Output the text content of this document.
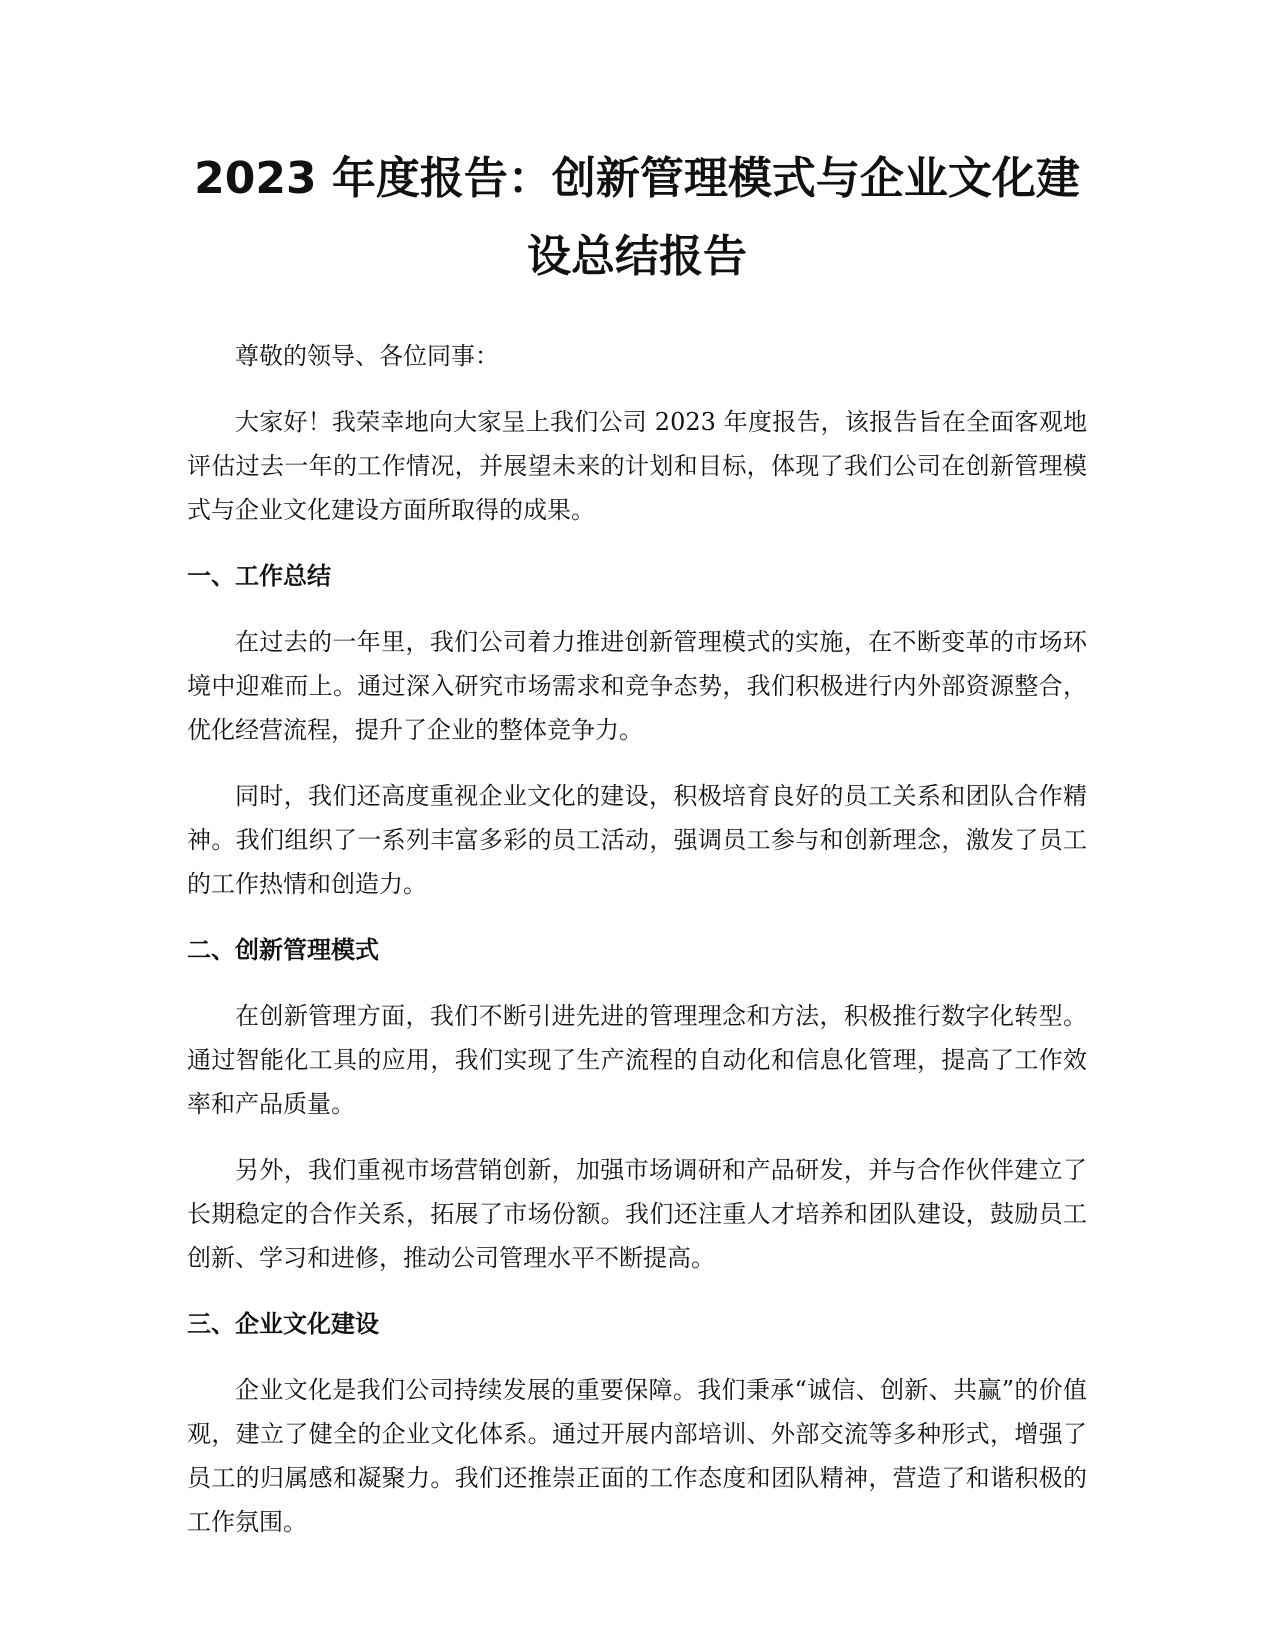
2023 年度报告：创新管理模式与企业文化建
设总结报告

尊敬的领导、各位同事：

大家好！我荣幸地向大家呈上我们公司 2023 年度报告，该报告旨在全面客观地评估过去一年的工作情况，并展望未来的计划和目标，体现了我们公司在创新管理模式与企业文化建设方面所取得的成果。

一、工作总结

在过去的一年里，我们公司着力推进创新管理模式的实施，在不断变革的市场环境中迎难而上。通过深入研究市场需求和竞争态势，我们积极进行内外部资源整合，优化经营流程，提升了企业的整体竞争力。

同时，我们还高度重视企业文化的建设，积极培育良好的员工关系和团队合作精神。我们组织了一系列丰富多彩的员工活动，强调员工参与和创新理念，激发了员工的工作热情和创造力。

二、创新管理模式

在创新管理方面，我们不断引进先进的管理理念和方法，积极推行数字化转型。通过智能化工具的应用，我们实现了生产流程的自动化和信息化管理，提高了工作效率和产品质量。

另外，我们重视市场营销创新，加强市场调研和产品研发，并与合作伙伴建立了长期稳定的合作关系，拓展了市场份额。我们还注重人才培养和团队建设，鼓励员工创新、学习和进修，推动公司管理水平不断提高。

三、企业文化建设

企业文化是我们公司持续发展的重要保障。我们秉承“诚信、创新、共赢”的价值观，建立了健全的企业文化体系。通过开展内部培训、外部交流等多种形式，增强了员工的归属感和凝聚力。我们还推崇正面的工作态度和团队精神，营造了和谐积极的工作氛围。
